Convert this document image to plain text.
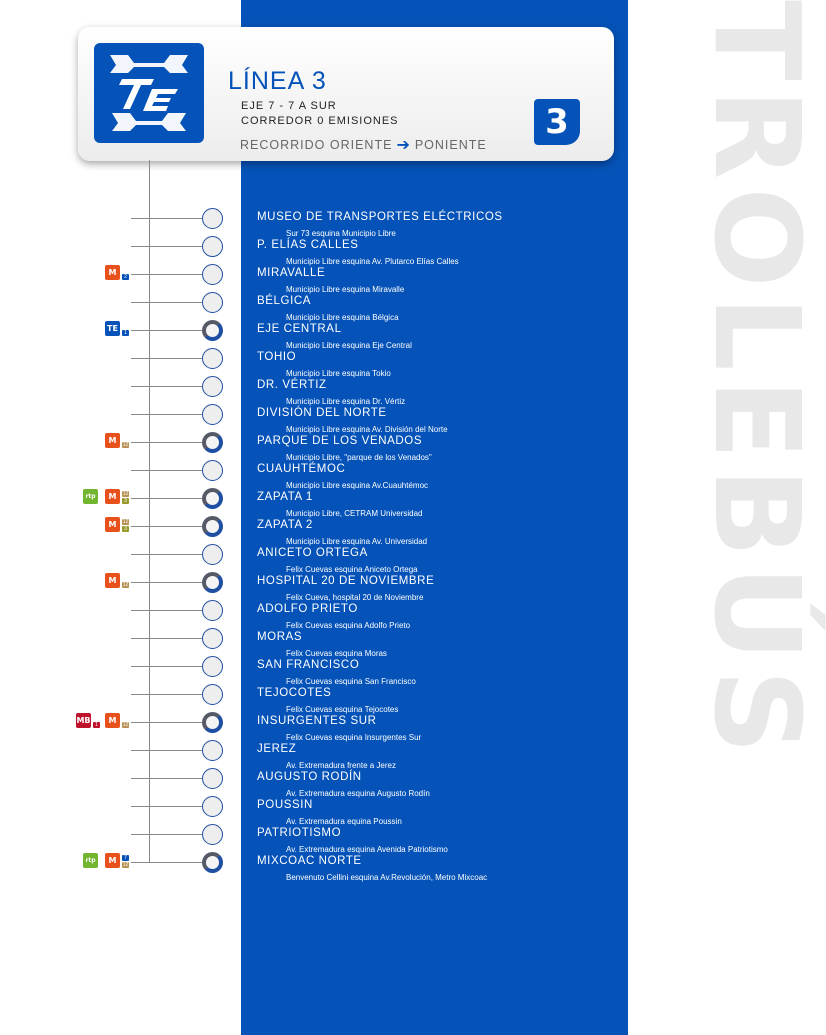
TROLEBÚS
LÍNEA 3
EJE 7 - 7 A SUR
CORREDOR 0 EMISIONES
RECORRIDO ORIENTE ➔ PONIENTE
3
MUSEO DE TRANSPORTES ELÉCTRICOS
Sur 73 esquina Municipio Libre
P. ELÍAS CALLES
Municipio Libre esquina Av. Plutarco Elías Calles
MIRAVALLE
Municipio Libre esquina Miravalle
M	2
BÉLGICA
Municipio Libre esquina Bélgica
EJE CENTRAL
Municipio Libre esquina Eje Central
TE	1
TOHIO
Municipio Libre esquina Tokio
DR. VÉRTIZ
Municipio Libre esquina Dr. Vértiz
DIVISIÓN DEL NORTE
Municipio Libre esquina Av. División del Norte
PARQUE DE LOS VENADOS
Municipio Libre, "parque de los Venados"
M	12
CUAUHTÉMOC
Municipio Libre esquina Av.Cuauhtémoc
ZAPATA 1
Municipio Libre, CETRAM Universidad
rtp	M	12
3
ZAPATA 2
Municipio Libre esquina Av. Universidad
M	12
3
ANICETO ORTEGA
Felix Cuevas esquina Aniceto Ortega
HOSPITAL 20 DE NOVIEMBRE
Felix Cueva, hospital 20 de Noviembre
M	12
ADOLFO PRIETO
Felix Cuevas esquina Adolfo Prieto
MORAS
Felix Cuevas esquina Moras
SAN FRANCISCO
Felix Cuevas esquina San Francisco
TEJOCOTES
Felix Cuevas esquina Tejocotes
INSURGENTES SUR
Felix Cuevas esquina Insurgentes Sur
MB 1	M	12
JEREZ
Av. Extremadura frente a Jerez
AUGUSTO RODÍN
Av. Extremadura esquina Augusto Rodín
POUSSIN
Av. Extremadura equina Poussin
PATRIOTISMO
Av. Extremadura esquina Avenida Patriotismo
MIXCOAC NORTE
Benvenuto Cellini esquina Av.Revolución, Metro Mixcoac
rtp	M	7
12
